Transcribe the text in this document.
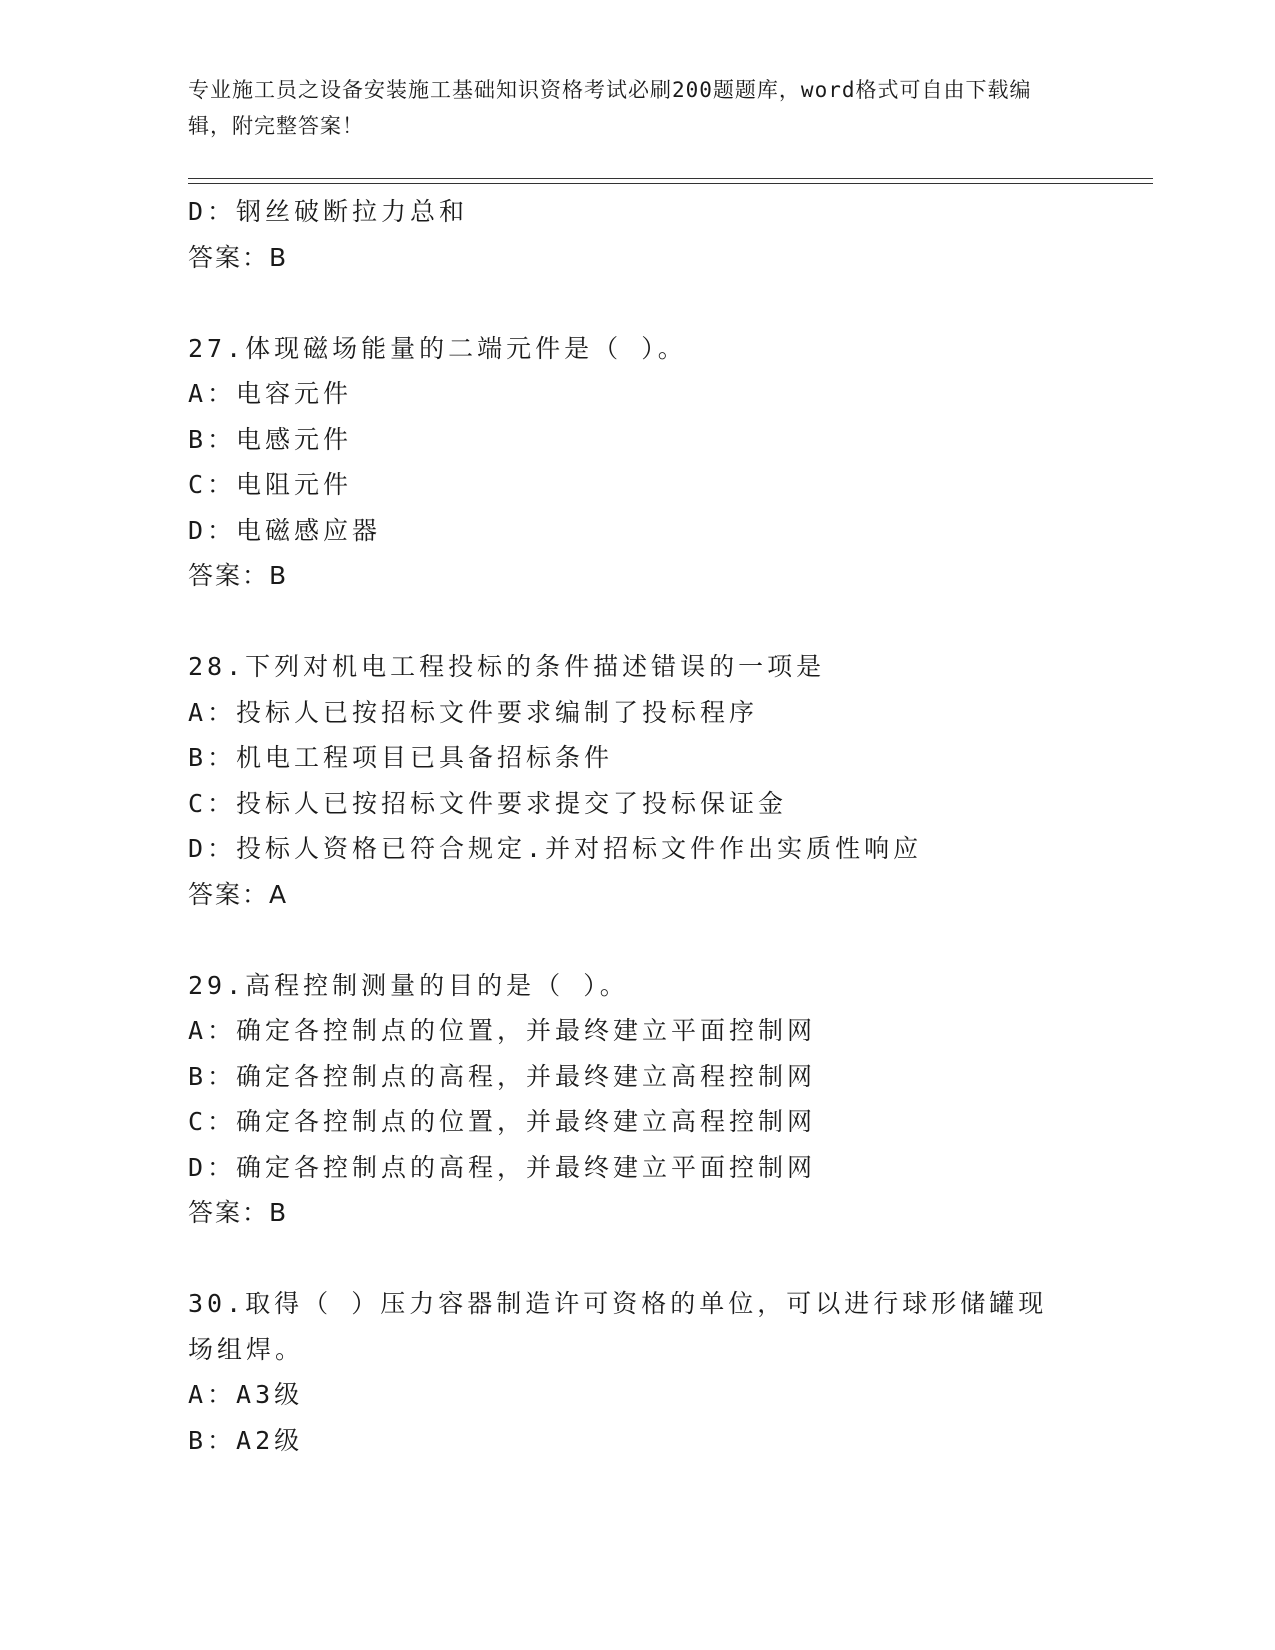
专业施工员之设备安装施工基础知识资格考试必刷200题题库，word格式可自由下载编辑，附完整答案！
D：钢丝破断拉力总和
答案：B
27.体现磁场能量的二端元件是（ ）。
A：电容元件
B：电感元件
C：电阻元件
D：电磁感应器
答案：B
28.下列对机电工程投标的条件描述错误的一项是
A：投标人已按招标文件要求编制了投标程序
B：机电工程项目已具备招标条件
C：投标人已按招标文件要求提交了投标保证金
D：投标人资格已符合规定.并对招标文件作出实质性响应
答案：A
29.高程控制测量的目的是（ ）。
A：确定各控制点的位置，并最终建立平面控制网
B：确定各控制点的高程，并最终建立高程控制网
C：确定各控制点的位置，并最终建立高程控制网
D：确定各控制点的高程，并最终建立平面控制网
答案：B
30.取得（ ）压力容器制造许可资格的单位，可以进行球形储罐现场组焊。
A：A3级
B：A2级
